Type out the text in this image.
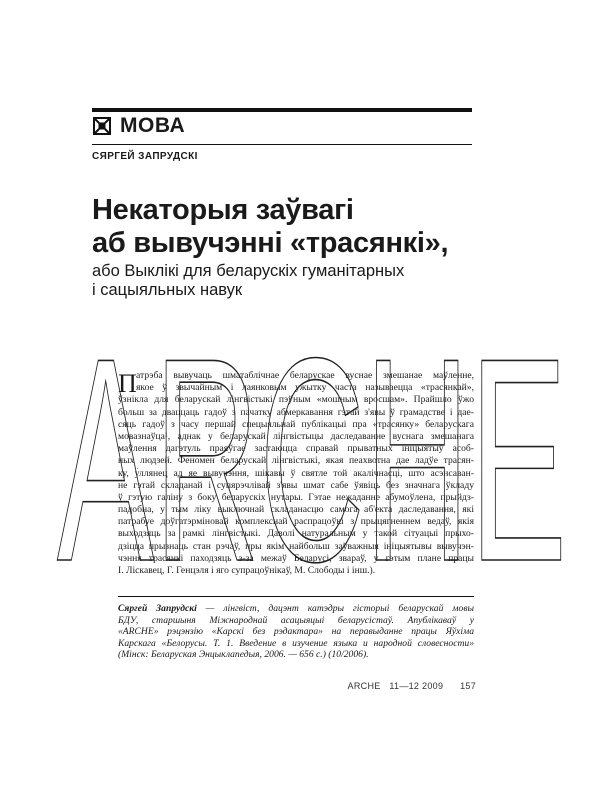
МОВА
СЯРГЕЙ ЗАПРУДСКІ
Некаторыя заўвагі
аб вывучэнні «трасянкі»,
або Выклікі для беларускіх гуманітарных
і сацыяльных навук
П атрэба вывучаць шматаблічнае беларускае вуснае змешанае маўленне,
якое ў звычайным і лаянковым ужытку часта называецца «трасянкай»,
ўзнікла для беларускай лінгвістыкі пэўным «мошным вросшам». Прайшло ўжо
больш за дваццаць гадоў з пачатку абмеркавання гэтай з'явы ў грамадстве і дае-
сяць гадоў з часу першай спецыяльнай публікацыі пра «трасянку» беларускага
мовазнаўца¹, аднак у беларускай лінгвістыцы даследаванне вуснага змешанага
маўлення дагэтуль праяўгае застаюцца справай прыватных ініцыятыў асоб-
ных людзей. Феномен беларускай лінгвістыкі, якая пеахвотна дае ладўе трасян-
ку, у́ллянец ад яе вывучэння, шікавы ў святле той акалічнасці, што асэнсаван-
не гэтай складанай і супярэчлівай з'явы шмат сабе ўявіць без значнага ўкладу
ў гэтую галіну з боку беларускіх нутары. Гэтае нежаданне абумоўлена, прыйдз-
падобна, у тым ліку выключнай складанасцю самога аб'екта даследавання, які
патрабуе доўгатэрміновай комплекснай распрацоўкі з прыцягненнем ведаў, якія
выходзяць за рамкі лінгвістыкі. Даволі натуральным у такой сітуацыі прыхо-
дзіцца прызнаць стан рэчаў, пры якім найбольш заўважныя ініцыятывы вывучэн-
чэння трасянкі паходзяць з-за межаў Беларусі, звараў, у гэтым плане працы
І. Ліскавец, Г. Генцэля і яго супрацоўнікаў, М. Слободы і інш.).
Сяргей Запрудскі — лінгвіст, дацэнт катэдры гісторыі беларускай мовы
БДУ, старшыня Міжнароднай асацыяцыі беларусістаў. Апублікаваў у
«ARCHE» рэцэнзію «Карскі без рэдактара» на перавыданне працы Яўхіма
Карскага «Белорусы. Т. 1. Введение в изучение языка и народной словесности»
(Мінск: Беларуская Энцыклапедыя, 2006. — 656 с.) (10/2006).
ARCHE 11—12 2009 157
ARCHE
